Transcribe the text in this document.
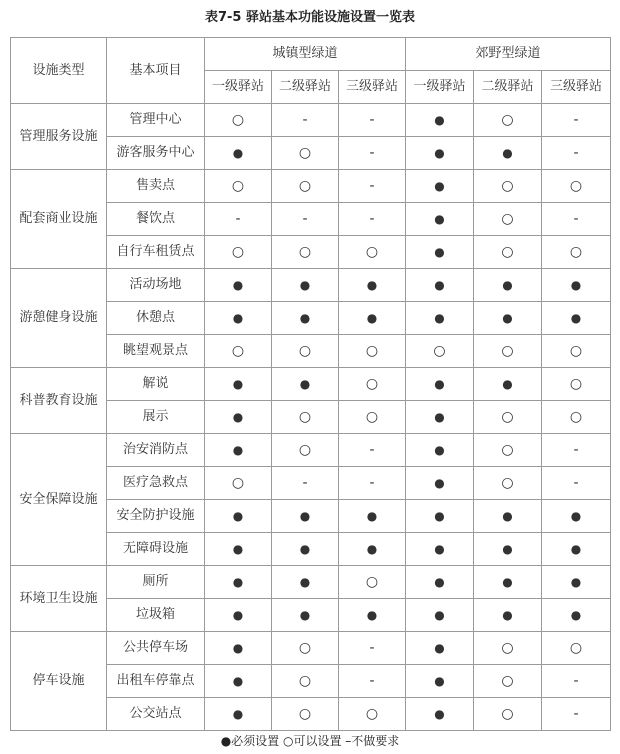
表7-5 驿站基本功能设施设置一览表
设施类型	基本项目	城镇型绿道			郊野型绿道		
		一级驿站	二级驿站	三级驿站	一级驿站	二级驿站	三级驿站
管理服务设施	管理中心	○	-	-	●	○	-
	游客服务中心	●	○	-	●	●	-
配套商业设施	售卖点	○	○	-	●	○	○
	餐饮点	-	-	-	●	○	-
	自行车租赁点	○	○	○	●	○	○
游憩健身设施	活动场地	●	●	●	●	●	●
	休憩点	●	●	●	●	●	●
	眺望观景点	○	○	○	○	○	○
科普教育设施	解说	●	●	○	●	●	○
	展示	●	○	○	●	○	○
安全保障设施	治安消防点	●	○	-	●	○	-
	医疗急救点	○	-	-	●	○	-
	安全防护设施	●	●	●	●	●	●
	无障碍设施	●	●	●	●	●	●
环境卫生设施	厕所	●	●	○	●	●	●
	垃圾箱	●	●	●	●	●	●
停车设施	公共停车场	●	○	-	●	○	○
	出租车停靠点	●	○	-	●	○	-
	公交站点	●	○	○	●	○	-
●必须设置 ○可以设置 –不做要求
